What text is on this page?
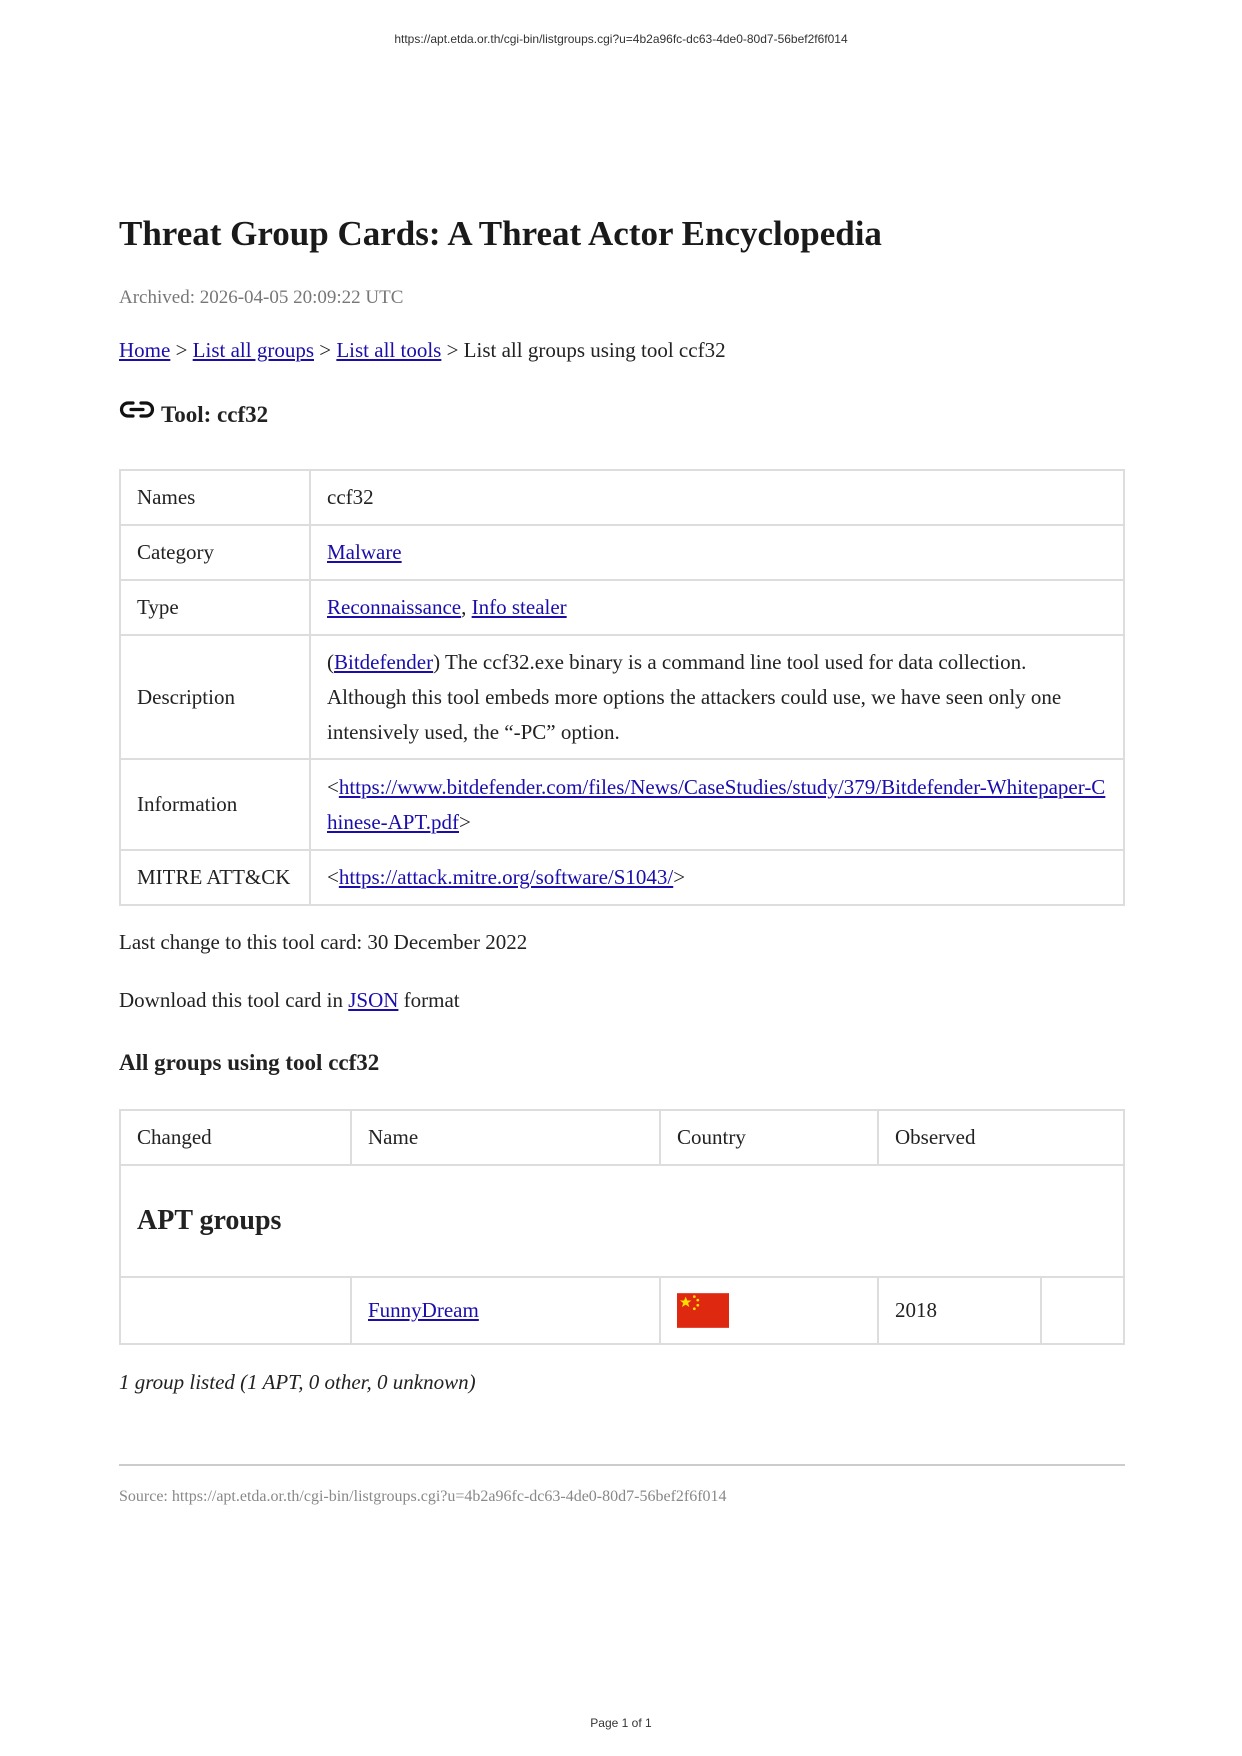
https://apt.etda.or.th/cgi-bin/listgroups.cgi?u=4b2a96fc-dc63-4de0-80d7-56bef2f6f014
Threat Group Cards: A Threat Actor Encyclopedia
Archived: 2026-04-05 20:09:22 UTC
Home > List all groups > List all tools > List all groups using tool ccf32
Tool: ccf32
Names	ccf32
Category	Malware
Type	Reconnaissance, Info stealer
Description	(Bitdefender) The ccf32.exe binary is a command line tool used for data collection. Although this tool embeds more options the attackers could use, we have seen only one intensively used, the “-PC” option.
Information	<https://www.bitdefender.com/files/News/CaseStudies/study/379/Bitdefender-Whitepaper-Chinese-APT.pdf>
MITRE ATT&CK	<https://attack.mitre.org/software/S1043/>
Last change to this tool card: 30 December 2022
Download this tool card in JSON format
All groups using tool ccf32
Changed	Name	Country	Observed	
APT groups				
	FunnyDream		2018	
1 group listed (1 APT, 0 other, 0 unknown)
Source: https://apt.etda.or.th/cgi-bin/listgroups.cgi?u=4b2a96fc-dc63-4de0-80d7-56bef2f6f014
Page 1 of 1
